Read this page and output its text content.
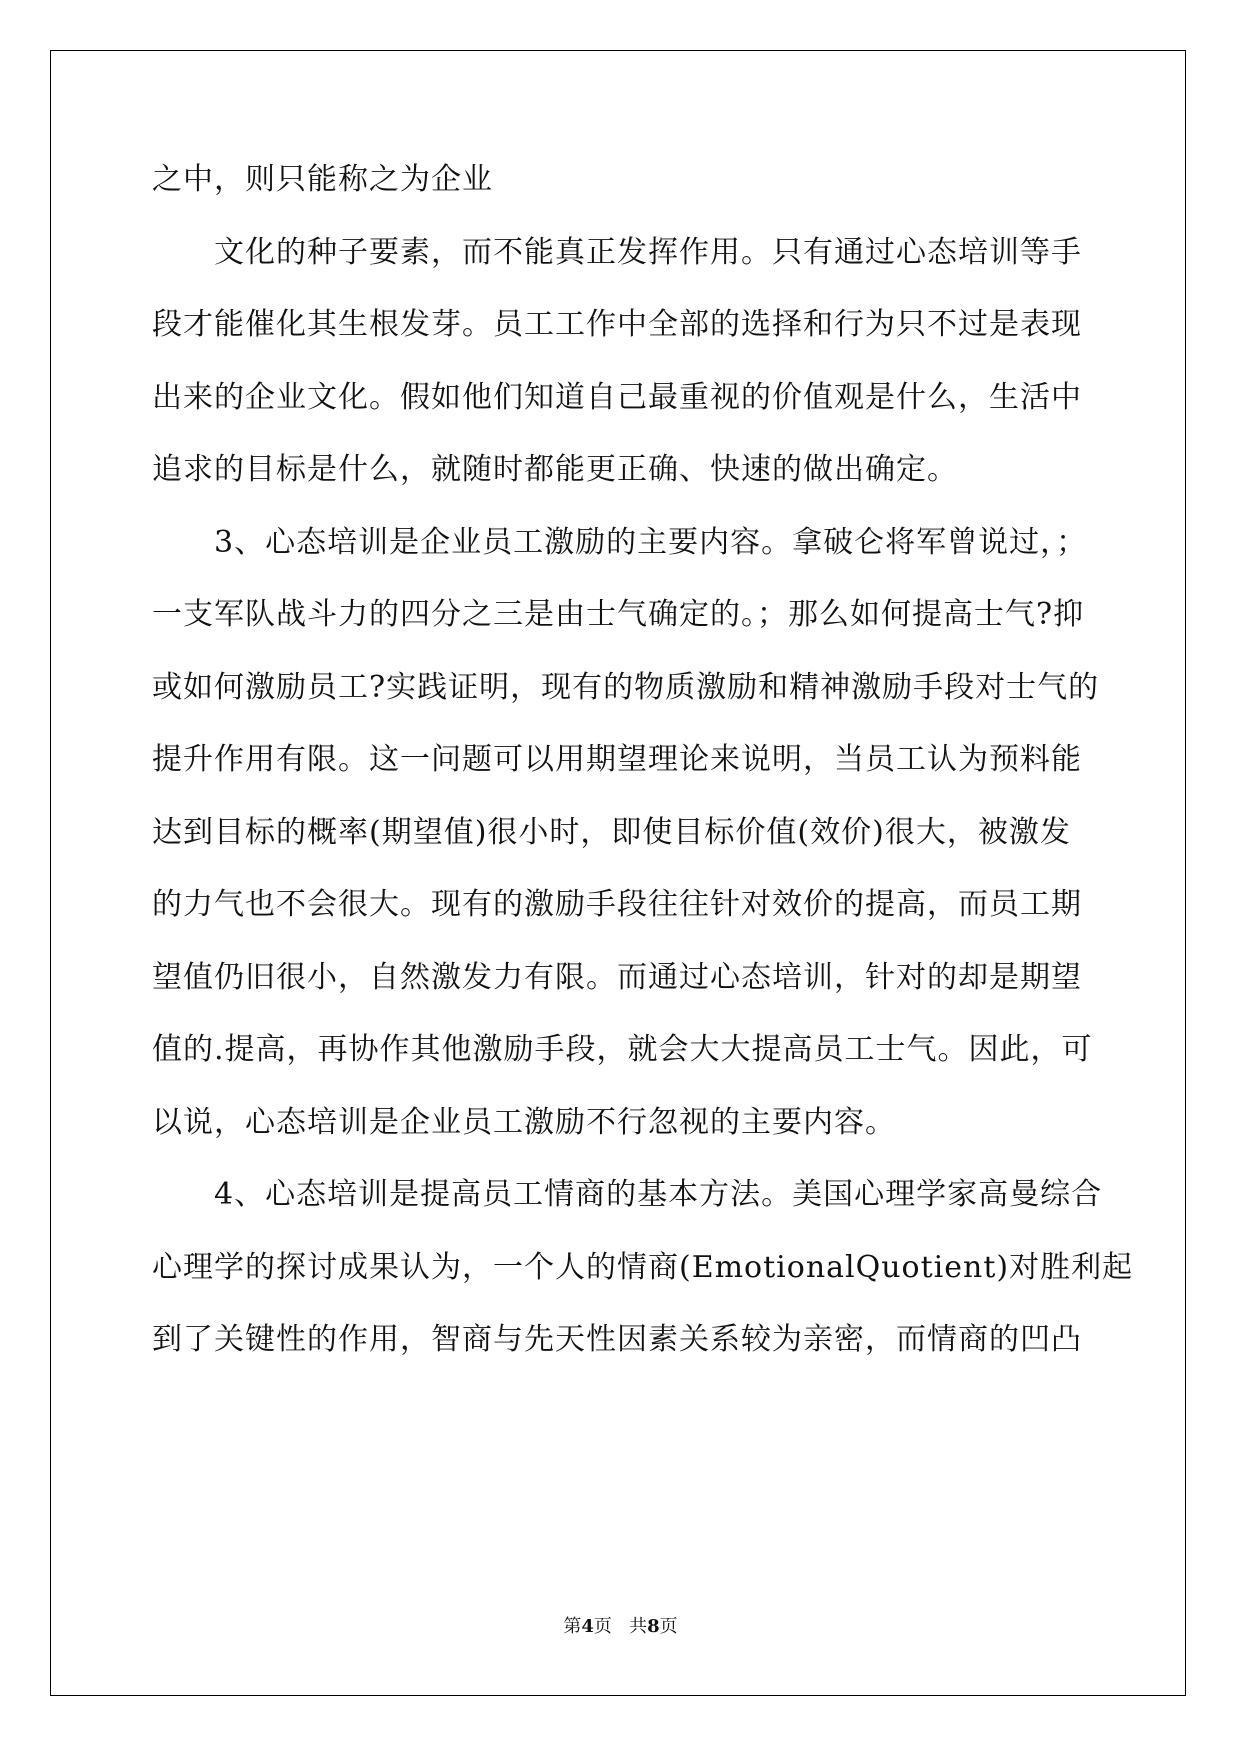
之中，则只能称之为企业
文化的种子要素，而不能真正发挥作用。只有通过心态培训等手
段才能催化其生根发芽。员工工作中全部的选择和行为只不过是表现
出来的企业文化。假如他们知道自己最重视的价值观是什么，生活中
追求的目标是什么，就随时都能更正确、快速的做出确定。
3、心态培训是企业员工激励的主要内容。拿破仑将军曾说过，；
一支军队战斗力的四分之三是由士气确定的。；那么如何提高士气?抑
或如何激励员工?实践证明，现有的物质激励和精神激励手段对士气的
提升作用有限。这一问题可以用期望理论来说明，当员工认为预料能
达到目标的概率(期望值)很小时，即使目标价值(效价)很大，被激发
的力气也不会很大。现有的激励手段往往针对效价的提高，而员工期
望值仍旧很小，自然激发力有限。而通过心态培训，针对的却是期望
值的.提高，再协作其他激励手段，就会大大提高员工士气。因此，可
以说，心态培训是企业员工激励不行忽视的主要内容。
4、心态培训是提高员工情商的基本方法。美国心理学家高曼综合
心理学的探讨成果认为，一个人的情商(EmotionalQuotient)对胜利起
到了关键性的作用，智商与先天性因素关系较为亲密，而情商的凹凸
第4页 共8页
